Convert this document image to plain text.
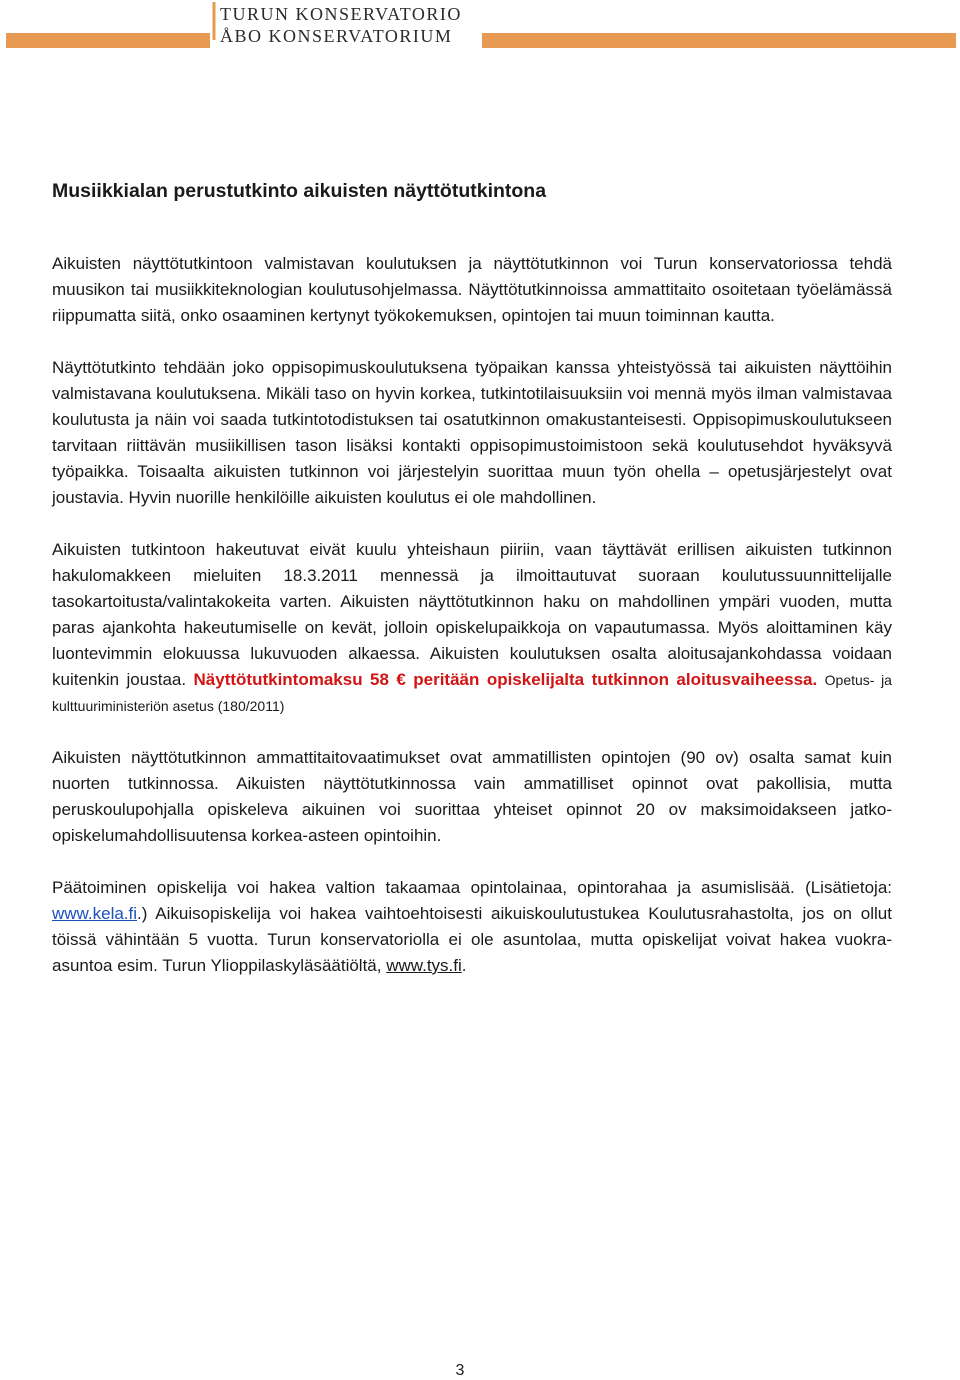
TURUN KONSERVATORIO
ÅBO KONSERVATORIUM
Musiikkialan perustutkinto aikuisten näyttötutkintona

Aikuisten näyttötutkintoon valmistavan koulutuksen ja näyttötutkinnon voi Turun konservatoriossa tehdä muusikon tai musiikkiteknologian koulutusohjelmassa. Näyttötutkinnoissa ammattitaito osoitetaan työelämässä riippumatta siitä, onko osaaminen kertynyt työkokemuksen, opintojen tai muun toiminnan kautta.

Näyttötutkinto tehdään joko oppisopimuskoulutuksena työpaikan kanssa yhteistyössä tai aikuisten näyttöihin valmistavana koulutuksena. Mikäli taso on hyvin korkea, tutkintotilaisuuksiin voi mennä myös ilman valmistavaa koulutusta ja näin voi saada tutkintotodistuksen tai osatutkinnon omakustanteisesti. Oppisopimuskoulutukseen tarvitaan riittävän musiikillisen tason lisäksi kontakti oppisopimustoimistoon sekä koulutusehdot hyväksyvä työpaikka. Toisaalta aikuisten tutkinnon voi järjestelyin suorittaa muun työn ohella – opetusjärjestelyt ovat joustavia. Hyvin nuorille henkilöille aikuisten koulutus ei ole mahdollinen.

Aikuisten tutkintoon hakeutuvat eivät kuulu yhteishaun piiriin, vaan täyttävät erillisen aikuisten tutkinnon hakulomakkeen mieluiten 18.3.2011 mennessä ja ilmoittautuvat suoraan koulutussuunnittelijalle tasokartoitusta/valintakokeita varten. Aikuisten näyttötutkinnon haku on mahdollinen ympäri vuoden, mutta paras ajankohta hakeutumiselle on kevät, jolloin opiskelupaikkoja on vapautumassa. Myös aloittaminen käy luontevimmin elokuussa lukuvuoden alkaessa. Aikuisten koulutuksen osalta aloitusajankohdassa voidaan kuitenkin joustaa. Näyttötutkintomaksu 58 € peritään opiskelijalta tutkinnon aloitusvaiheessa. Opetus- ja kulttuuriministeriön asetus (180/2011)

Aikuisten näyttötutkinnon ammattitaitovaatimukset ovat ammatillisten opintojen (90 ov) osalta samat kuin nuorten tutkinnossa. Aikuisten näyttötutkinnossa vain ammatilliset opinnot ovat pakollisia, mutta peruskoulupohjalla opiskeleva aikuinen voi suorittaa yhteiset opinnot 20 ov maksimoidakseen jatko-opiskelumahdollisuutensa korkea-asteen opintoihin.

Päätoiminen opiskelija voi hakea valtion takaamaa opintolainaa, opintorahaa ja asumislisää. (Lisätietoja: www.kela.fi.) Aikuisopiskelija voi hakea vaihtoehtoisesti aikuiskoulutustukea Koulutusrahastolta, jos on ollut töissä vähintään 5 vuotta. Turun konservatoriolla ei ole asuntolaa, mutta opiskelijat voivat hakea vuokra-asuntoa esim. Turun Ylioppilaskyläsäätiöltä, www.tys.fi.

3
